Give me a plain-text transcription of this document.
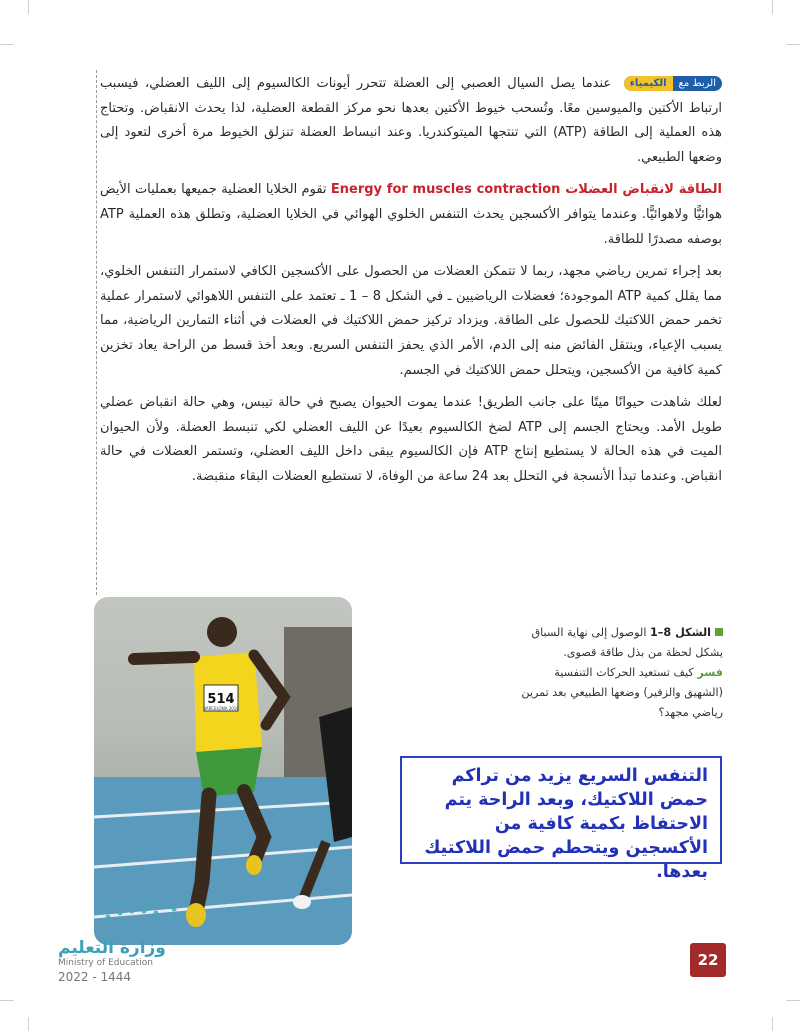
الربط معالكيمياء عندما يصل السيال العصبي إلى العضلة تتحرر أيونات الكالسيوم إلى الليف العضلي، فيسبب ارتباط الأكتين والميوسين معًا. وتُسحب خيوط الأكتين بعدها نحو مركز القطعة العضلية، لذا يحدث الانقباض. وتحتاج هذه العملية إلى الطاقة (ATP) التي تنتجها الميتوكندريا. وعند انبساط العضلة تنزلق الخيوط مرة أخرى لتعود إلى وضعها الطبيعي.

الطاقة لانقباض العضلات Energy for muscles contraction تقوم الخلايا العضلية جميعها بعمليات الأيض هوائيًّا ولاهوائيًّا. وعندما يتوافر الأكسجين يحدث التنفس الخلوي الهوائي في الخلايا العضلية، وتطلق هذه العملية ATP بوصفه مصدرًا للطاقة.

بعد إجراء تمرين رياضي مجهد، ربما لا تتمكن العضلات من الحصول على الأكسجين الكافي لاستمرار التنفس الخلوي، مما يقلل كمية ATP الموجودة؛ فعضلات الرياضيين ـ في الشكل 8 – 1 ـ تعتمد على التنفس اللاهوائي لاستمرار عملية تخمر حمض اللاكتيك للحصول على الطاقة. ويزداد تركيز حمض اللاكتيك في العضلات في أثناء التمارين الرياضية، مما يسبب الإعياء، وينتقل الفائض منه إلى الدم، الأمر الذي يحفز التنفس السريع. وبعد أخذ قسط من الراحة يعاد تخزين كمية كافية من الأكسجين، ويتحلل حمض اللاكتيك في الجسم.

لعلك شاهدت حيوانًا ميتًا على جانب الطريق! عندما يموت الحيوان يصبح في حالة تيبس، وهي حالة انقباض عضلي طويل الأمد. ويحتاج الجسم إلى ATP لضخ الكالسيوم بعيدًا عن الليف العضلي لكي تنبسط العضلة. ولأن الحيوان الميت في هذه الحالة لا يستطيع إنتاج ATP فإن الكالسيوم يبقى داخل الليف العضلي، وتستمر العضلات في حالة انقباض. وعندما تبدأ الأنسجة في التحلل بعد 24 ساعة من الوفاة، لا تستطيع العضلات البقاء منقبضة.

514
BARCELONA 2010
الشكل 8–1 الوصول إلى نهاية السباق يشكل لحظة من بذل طاقة قصوى.
فسر كيف تستعيد الحركات التنفسية (الشهيق والزفير) وضعها الطبيعي بعد تمرين رياضي مجهد؟
التنفس السريع يزيد من تراكم حمض اللاكتيك، وبعد الراحة يتم الاحتفاظ بكمية كافية من الأكسجين ويتحطم حمض اللاكتيك بعدها.
وزارة التعليم
Ministry of Education
2022 - 1444
22
